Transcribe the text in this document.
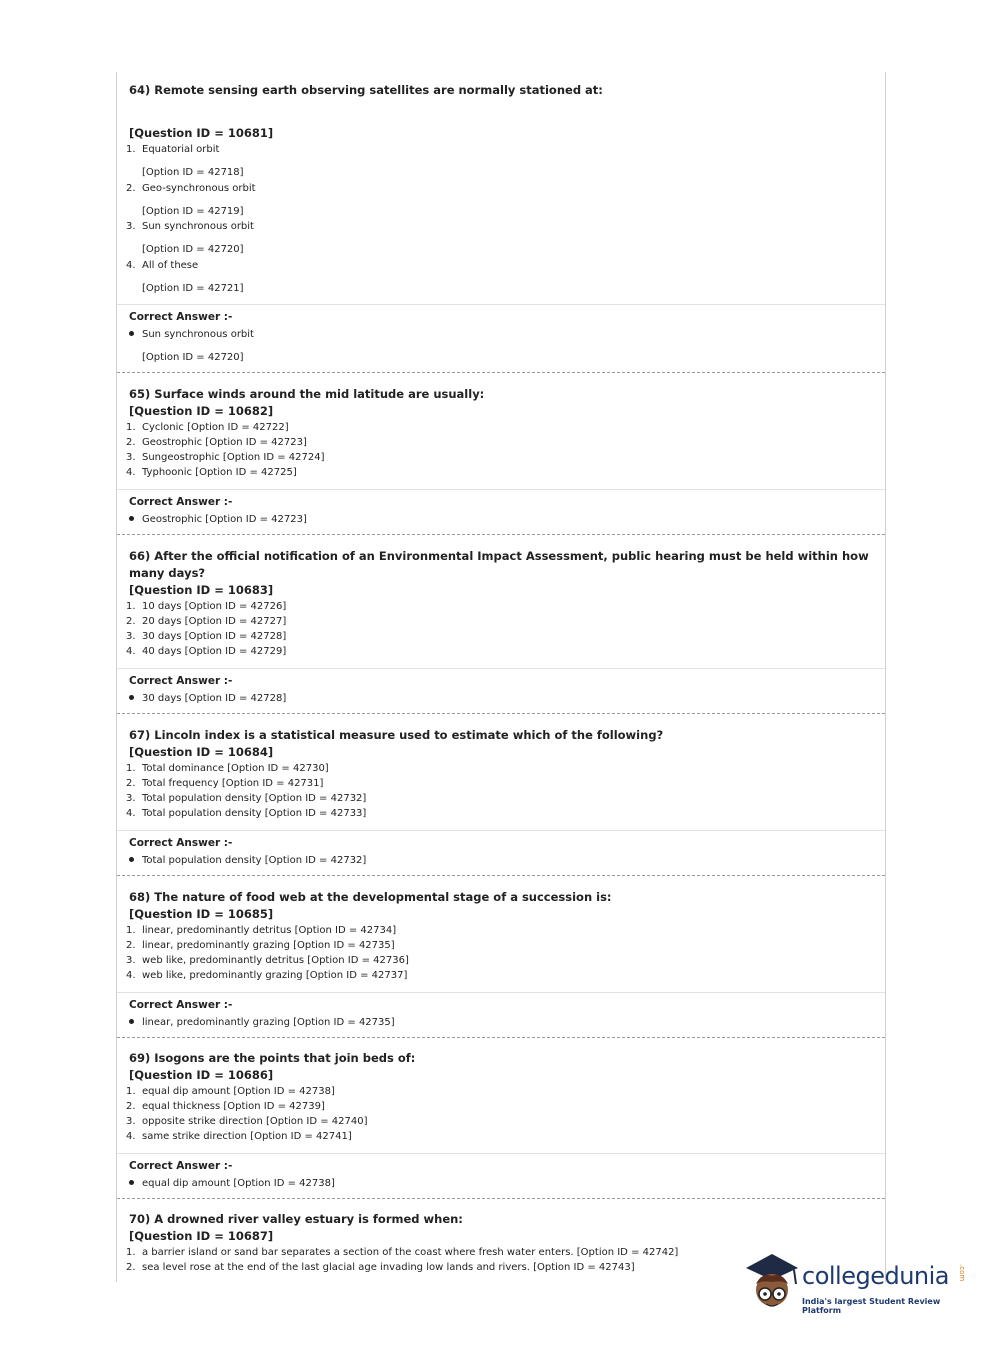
64) Remote sensing earth observing satellites are normally stationed at:
[Question ID = 10681]
1. Equatorial orbit
[Option ID = 42718]
2. Geo-synchronous orbit
[Option ID = 42719]
3. Sun synchronous orbit
[Option ID = 42720]
4. All of these
[Option ID = 42721]
Correct Answer :-
Sun synchronous orbit
[Option ID = 42720]
65) Surface winds around the mid latitude are usually:
[Question ID = 10682]
1. Cyclonic [Option ID = 42722]
2. Geostrophic [Option ID = 42723]
3. Sungeostrophic [Option ID = 42724]
4. Typhoonic [Option ID = 42725]
Correct Answer :-
Geostrophic [Option ID = 42723]
66) After the official notification of an Environmental Impact Assessment, public hearing must be held within how many days?
[Question ID = 10683]
1. 10 days [Option ID = 42726]
2. 20 days [Option ID = 42727]
3. 30 days [Option ID = 42728]
4. 40 days [Option ID = 42729]
Correct Answer :-
30 days [Option ID = 42728]
67) Lincoln index is a statistical measure used to estimate which of the following?
[Question ID = 10684]
1. Total dominance [Option ID = 42730]
2. Total frequency [Option ID = 42731]
3. Total population density [Option ID = 42732]
4. Total population density [Option ID = 42733]
Correct Answer :-
Total population density [Option ID = 42732]
68) The nature of food web at the developmental stage of a succession is:
[Question ID = 10685]
1. linear, predominantly detritus [Option ID = 42734]
2. linear, predominantly grazing [Option ID = 42735]
3. web like, predominantly detritus [Option ID = 42736]
4. web like, predominantly grazing [Option ID = 42737]
Correct Answer :-
linear, predominantly grazing [Option ID = 42735]
69) Isogons are the points that join beds of:
[Question ID = 10686]
1. equal dip amount [Option ID = 42738]
2. equal thickness [Option ID = 42739]
3. opposite strike direction [Option ID = 42740]
4. same strike direction [Option ID = 42741]
Correct Answer :-
equal dip amount [Option ID = 42738]
70) A drowned river valley estuary is formed when:
[Question ID = 10687]
1. a barrier island or sand bar separates a section of the coast where fresh water enters. [Option ID = 42742]
2. sea level rose at the end of the last glacial age invading low lands and rivers. [Option ID = 42743]	collegedunia .com
India's largest Student Review Platform
